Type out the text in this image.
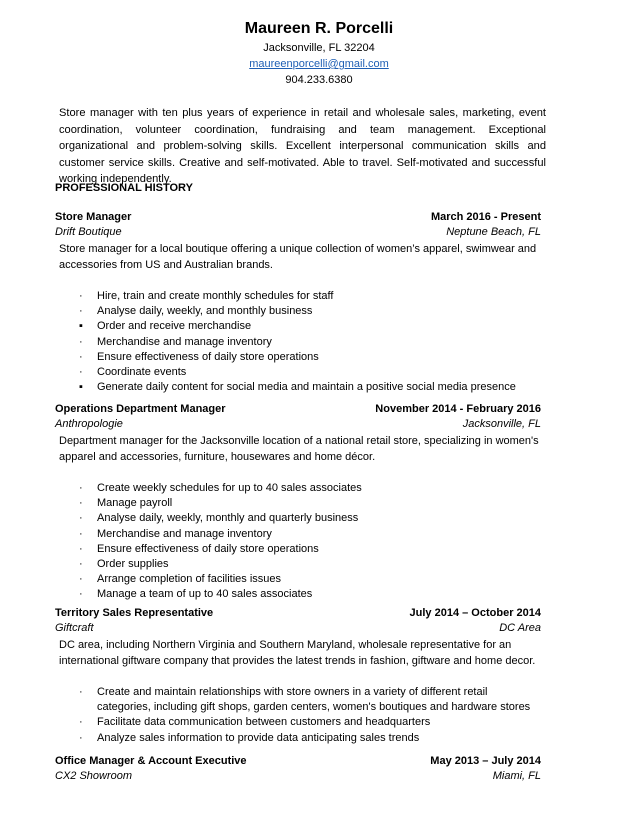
Maureen R. Porcelli
Jacksonville, FL 32204
maureenporcelli@gmail.com
904.233.6380
Store manager with ten plus years of experience in retail and wholesale sales, marketing, event coordination, volunteer coordination, fundraising and team management. Exceptional organizational and problem-solving skills. Excellent interpersonal communication skills and customer service skills. Creative and self-motivated. Able to travel. Self-motivated and successful working independently.
PROFESSIONAL HISTORY
Store Manager	March 2016 - Present
Drift Boutique	Neptune Beach, FL
Store manager for a local boutique offering a unique collection of women’s apparel, swimwear and accessories from US and Australian brands.
· Hire, train and create monthly schedules for staff
· Analyse daily, weekly, and monthly business
▪ Order and receive merchandise
· Merchandise and manage inventory
· Ensure effectiveness of daily store operations
· Coordinate events
▪ Generate daily content for social media and maintain a positive social media presence
Operations Department Manager	November 2014 - February 2016
Anthropologie	Jacksonville, FL
Department manager for the Jacksonville location of a national retail store, specializing in women's apparel and accessories, furniture, housewares and home décor.
· Create weekly schedules for up to 40 sales associates
· Manage payroll
· Analyse daily, weekly, monthly and quarterly business
· Merchandise and manage inventory
· Ensure effectiveness of daily store operations
· Order supplies
· Arrange completion of facilities issues
· Manage a team of up to 40 sales associates
Territory Sales Representative	July 2014 – October 2014
Giftcraft	DC Area
DC area, including Northern Virginia and Southern Maryland, wholesale representative for an international giftware company that provides the latest trends in fashion, giftware and home decor.
· Create and maintain relationships with store owners in a variety of different retail categories, including gift shops, garden centers, women's boutiques and hardware stores
· Facilitate data communication between customers and headquarters
· Analyze sales information to provide data anticipating sales trends
Office Manager & Account Executive	May 2013 – July 2014
CX2 Showroom	Miami, FL
